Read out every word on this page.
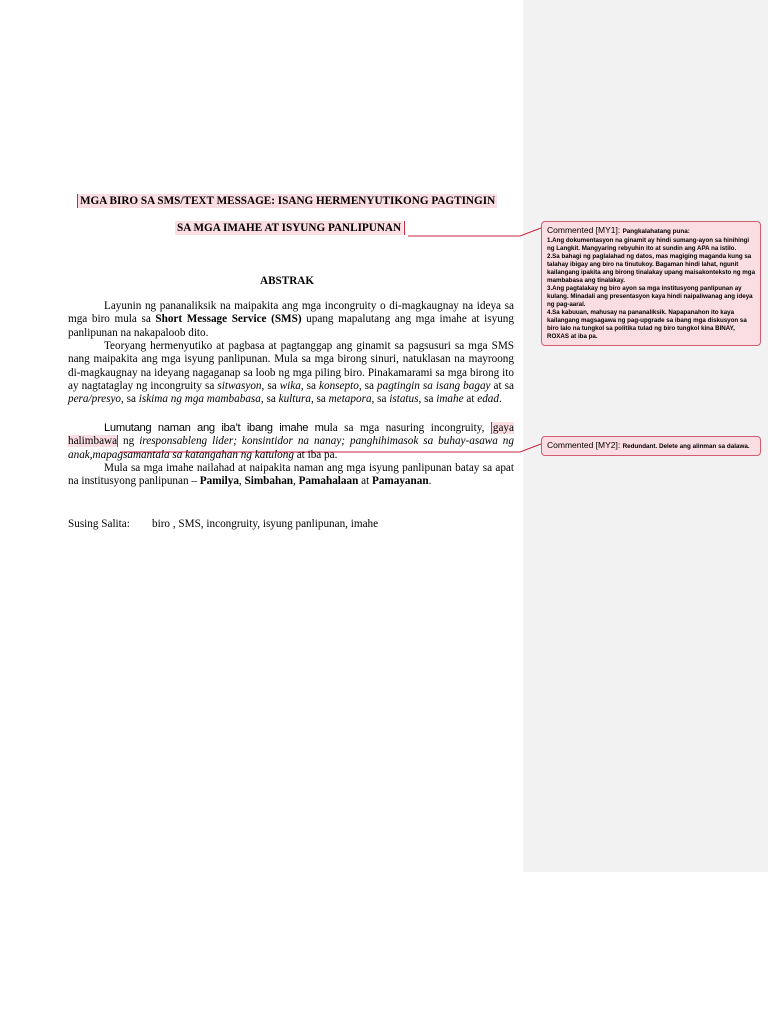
MGA BIRO SA SMS/TEXT MESSAGE: ISANG HERMENYUTIKONG PAGTINGIN
SA MGA IMAHE AT ISYUNG PANLIPUNAN
ABSTRAK
Layunin ng pananaliksik na maipakita ang mga incongruity o di-magkaugnay na ideya sa mga biro mula sa Short Message Service (SMS) upang mapalutang ang mga imahe at isyung panlipunan na nakapaloob dito.
Teoryang hermenyutiko at pagbasa at pagtanggap ang ginamit sa pagsusuri sa mga SMS nang maipakita ang mga isyung panlipunan. Mula sa mga birong sinuri, natuklasan na mayroong di-magkaugnay na ideyang nagaganap sa loob ng mga piling biro. Pinakamarami sa mga birong ito ay nagtataglay ng incongruity sa sitwasyon, sa wika, sa konsepto, sa pagtingin sa isang bagay at sa pera/presyo, sa iskima ng mga mambabasa, sa kultura, sa metapora, sa istatus, sa imahe at edad.
Lumutang naman ang iba’t ibang imahe mula sa mga nasuring incongruity, gaya halimbawa ng iresponsableng lider; konsintidor na nanay; panghihimasok sa buhay-asawa ng anak,mapagsamantala sa katangahan ng katulong at iba pa.
Mula sa mga imahe nailahad at naipakita naman ang mga isyung panlipunan batay sa apat na institusyong panlipunan – Pamilya, Simbahan, Pamahalaan at Pamayanan.
Susing Salita: biro , SMS, incongruity, isyung panlipunan, imahe
Commented [MY1]: Pangkalahatang puna:
1.Ang dokumentasyon na ginamit ay hindi sumang-ayon sa hinihingi ng Langkit. Mangyaring rebyuhin ito at sundin ang APA na istilo.
2.Sa bahagi ng paglalahad ng datos, mas magiging maganda kung sa talahay ibigay ang biro na tinutukoy. Bagaman hindi lahat, ngunit kailangang ipakita ang birong tinalakay upang maisakonteksto ng mga mambabasa ang tinalakay.
3.Ang pagtalakay ng biro ayon sa mga institusyong panlipunan ay kulang. Minadali ang presentasyon kaya hindi naipaliwanag ang ideya ng pag-aaral.
4.Sa kabuuan, mahusay na pananaliksik. Napapanahon ito kaya kailangang magsagawa ng pag-upgrade sa ibang mga diskusyon sa biro lalo na tungkol sa politika tulad ng biro tungkol kina BINAY, ROXAS at iba pa.
Commented [MY2]: Redundant. Delete ang alinman sa dalawa.
